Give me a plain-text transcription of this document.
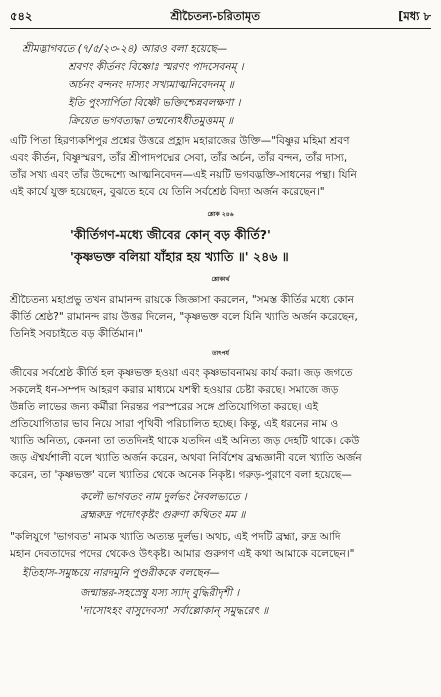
৫৪২	শ্রীচৈতন্য-চরিতামৃত	[মধ্য ৮
শ্রীমদ্ভাগবতে (৭/৫/২৩-২৪) আরও বলা হয়েছে—
শ্রবণং কীর্তনং বিষ্ণোঃ স্মরণং পাদসেবনম্ ।
অর্চনং বন্দনং দাস্যং সখ্যমাত্মনিবেদনম্ ॥
ইতি পুংসার্পিতা বিষ্ণৌ ভক্তিশ্চেন্নবলক্ষণা ।
ক্রিয়েত ভগবত্যদ্ধা তন্মন্যেঽধীতমুত্তমম্ ॥
এটি পিতা হিরণ্যকশিপুর প্রশ্নের উত্তরে প্রহ্লাদ মহারাজের উক্তি—"বিষ্ণুর মহিমা শ্রবণ
এবং কীর্তন, বিষ্ণুস্মরণ, তাঁর শ্রীপাদপদ্মের সেবা, তাঁর অর্চন, তাঁর বন্দন, তাঁর দাস্য,
তাঁর সখ্য এবং তাঁর উদ্দেশ্যে আত্মনিবেদন—এই নয়টি ভগবদ্ভক্তি-সাধনের পন্থা। যিনি
এই কার্যে যুক্ত হয়েছেন, বুঝতে হবে যে তিনি সর্বশ্রেষ্ঠ বিদ্যা অর্জন করেছেন।"
শ্লোক ২৪৬
'কীর্তিগণ-মধ্যে জীবের কোন্ বড় কীর্তি?'
'কৃষ্ণভক্ত বলিয়া যাঁহার হয় খ্যাতি ॥' ২৪৬ ॥
শ্লোকার্থ
শ্রীচৈতন্য মহাপ্রভু তখন রামানন্দ রায়কে জিজ্ঞাসা করলেন, "সমস্ত কীর্তির মধ্যে কোন
কীর্তি শ্রেষ্ঠ?" রামানন্দ রায় উত্তর দিলেন, "কৃষ্ণভক্ত বলে যিনি খ্যাতি অর্জন করেছেন,
তিনিই সবচাইতে বড় কীর্তিমান।"
তাৎপর্য
জীবের সর্বশ্রেষ্ঠ কীর্তি হল কৃষ্ণভক্ত হওয়া এবং কৃষ্ণভাবনাময় কার্য করা। জড় জগতে
সকলেই ধন-সম্পদ আহরণ করার মাধ্যমে যশস্বী হওয়ার চেষ্টা করছে। সমাজে জড়
উন্নতি লাভের জন্য কর্মীরা নিরন্তর পরস্পরের সঙ্গে প্রতিযোগিতা করছে। এই
প্রতিযোগিতার ভাব নিয়ে সারা পৃথিবী পরিচালিত হচ্ছে। কিন্তু, এই ধরনের নাম ও
খ্যাতি অনিত্য, কেননা তা ততদিনই থাকে যতদিন এই অনিত্য জড় দেহটি থাকে। কেউ
জড় ঐশ্বর্যশালী বলে খ্যাতি অর্জন করেন, অথবা নির্বিশেষ ব্রহ্মজ্ঞানী বলে খ্যাতি অর্জন
করেন, তা 'কৃষ্ণভক্ত' বলে খ্যাতির থেকে অনেক নিকৃষ্ট। গরুড়-পুরাণে বলা হয়েছে—
কলৌ ভাগবতং নাম দুর্লভং নৈবলভ্যতে ।
ব্রহ্মরুদ্র পদোৎকৃষ্টং গুরুণা কথিতং মম ॥
"কলিযুগে 'ভাগবত' নামক খ্যাতি অত্যন্ত দুর্লভ। অথচ, এই পদটি ব্রহ্মা, রুদ্র আদি
মহান দেবতাদের পদের থেকেও উৎকৃষ্ট। আমার গুরুগণ এই কথা আমাকে বলেছেন।"
ইতিহাস-সমুচ্চয়ে নারদমুনি পুণ্ডরীককে বলছেন—
জন্মান্তর-সহস্রেষু যস্য স্যাদ্ বুদ্ধিরীদৃশী ।
'দাসোঽহং বাসুদেবস্য' সর্বাল্লোকান্ সমুদ্ধরেৎ ॥
